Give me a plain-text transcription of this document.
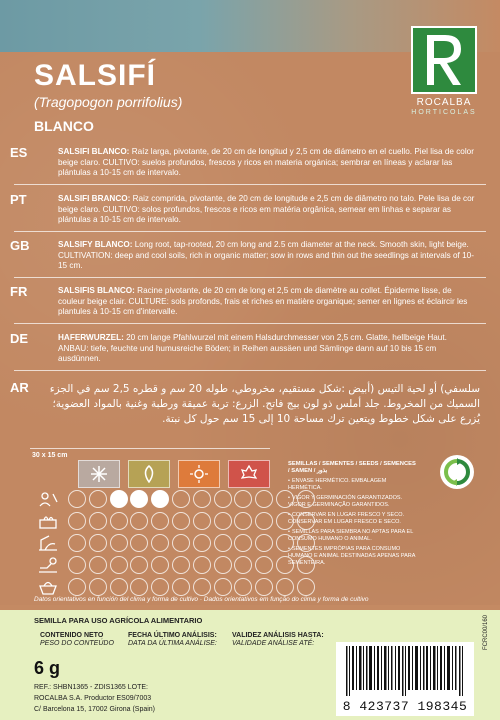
SALSIFÍ
(Tragopogon porrifolius)
BLANCO
ROCALBA
HORTICOLAS
ES	SALSIFI BLANCO: Raíz larga, pivotante, de 20 cm de longitud y 2,5 cm de diámetro en el cuello. Piel lisa de color beige claro. CULTIVO: suelos profundos, frescos y ricos en materia orgánica; sembrar en líneas y aclarar las plántulas a 10-15 cm de intervalo.
PT	SALSIFI BRANCO: Raiz comprida, pivotante, de 20 cm de longitude e 2,5 cm de diâmetro no talo. Pele lisa de cor beige claro. CULTIVO: solos profundos, frescos e ricos em matéria orgânica, semear em linhas e separar as plántulas a 10-15 cm de intervalo.
GB	SALSIFY BLANCO: Long root, tap-rooted, 20 cm long and 2.5 cm diameter at the neck. Smooth skin, light beige. CULTIVATION: deep and cool soils, rich in organic matter; sow in rows and thin out the seedlings at intervals of 10-15 cm.
FR	SALSIFIS BLANCO: Racine pivotante, de 20 cm de long et 2,5 cm de diamètre au collet. Épiderme lisse, de couleur beige clair. CULTURE: sols profonds, frais et riches en matière organique; semer en lignes et éclaircir les plantules à 10-15 cm d'intervalle.
DE	HAFERWURZEL: 20 cm lange Pfahlwurzel mit einem Halsdurchmesser von 2,5 cm. Glatte, hellbeige Haut. ANBAU: tiefe, feuchte und humusreiche Böden; in Reihen aussäen und Sämlinge dann auf 10 bis 15 cm ausdünnen.
AR	سلسفي) أو لحية التيس (أبيض :شكل مستقيم، مخروطي، طوله 20 سم و قطره 2,5 سم في الجزء السميك من المخروط. جلد أملس ذو لون بيج فاتح. الزرع: تربة عميقة ورطبة وغنية بالمواد العضوية؛ يُزرع على شكل خطوط ويتعين ترك مساحة 10 إلى 15 سم حول كل نبتة.
30 x 15 cm
SEMILLAS / SEMENTES / SEEDS / SEMENCES / SAMEN / بذور
• ENVASE HERMÉTICO. EMBALAGEM HERMÉTICA.
• VIGOR Y GERMINACIÓN GARANTIZADOS. VIGOR E GERMINAÇÃO GARANTIDOS.
• CONSERVAR EN LUGAR FRESCO Y SECO. CONSERVAR EM LUGAR FRESCO E SECO.
• SEMILLAS PARA SIEMBRA NO APTAS PARA EL CONSUMO HUMANO O ANIMAL.
• SEMENTES IMPRÓPIAS PARA CONSUMO HUMANO E ANIMAL DESTINADAS APENAS PARA SEMENTEIRA.
Datos orientativos en función del clima y forma de cultivo · Dados orientativos em função do clima y forma de cultivo
SEMILLA PARA USO AGRÍCOLA ALIMENTARIO
CONTENIDO NETO
PESO DO CONTEÚDO
6 g
FECHA ÚLTIMO ANÁLISIS:
DATA DA ÚLTIMA ANÁLISE:
VALIDEZ ANÁLISIS HASTA:
VALIDADE ANÁLISE ATÉ:
REF.: SHBN1365 - ZDIS1365 LOTE:
ROCALBA S.A. Productor ES09/7003
C/ Barcelona 15, 17002 Girona (Spain)	8 423737 198345
FCRC00/160
